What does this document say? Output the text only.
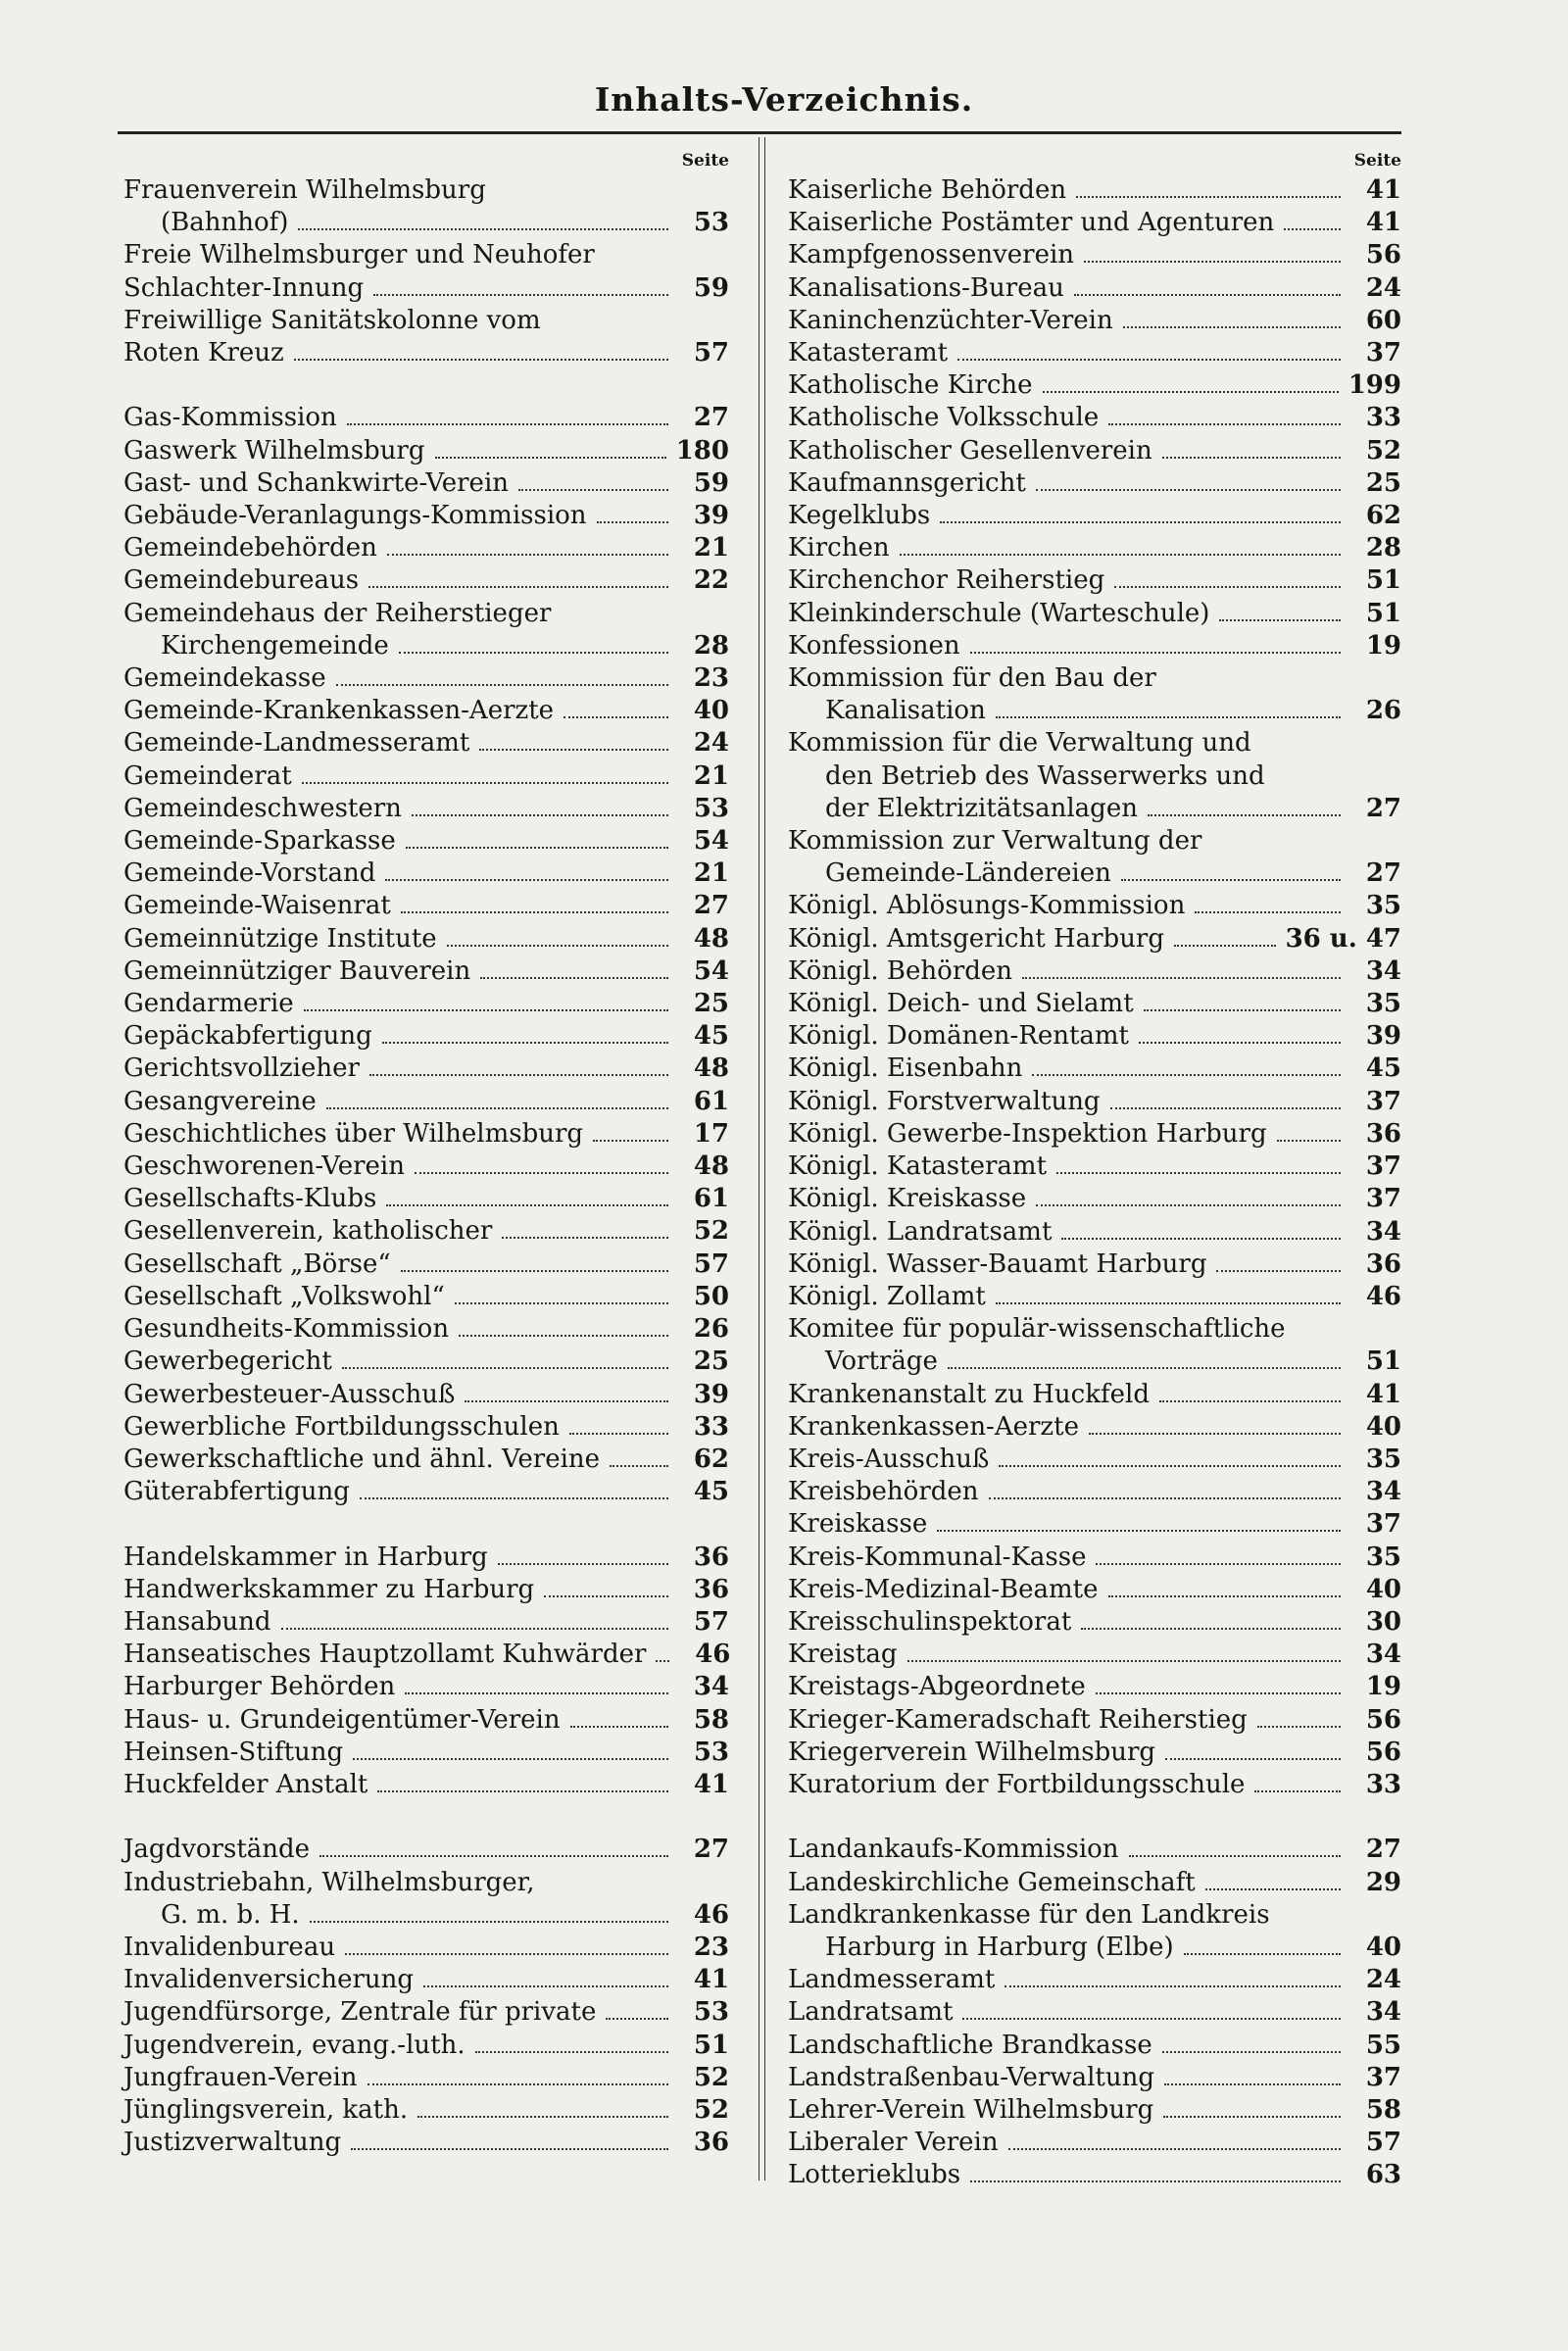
Inhalts-Verzeichnis.
Seite
Frauenverein Wilhelmsburg
(Bahnhof)	53
Freie Wilhelmsburger und Neuhofer
Schlachter-Innung	59
Freiwillige Sanitätskolonne vom
Roten Kreuz	57
Gas-Kommission	27
Gaswerk Wilhelmsburg	180
Gast- und Schankwirte-Verein	59
Gebäude-Veranlagungs-Kommission	39
Gemeindebehörden	21
Gemeindebureaus	22
Gemeindehaus der Reiherstieger
Kirchengemeinde	28
Gemeindekasse	23
Gemeinde-Krankenkassen-Aerzte	40
Gemeinde-Landmesseramt	24
Gemeinderat	21
Gemeindeschwestern	53
Gemeinde-Sparkasse	54
Gemeinde-Vorstand	21
Gemeinde-Waisenrat	27
Gemeinnützige Institute	48
Gemeinnütziger Bauverein	54
Gendarmerie	25
Gepäckabfertigung	45
Gerichtsvollzieher	48
Gesangvereine	61
Geschichtliches über Wilhelmsburg	17
Geschworenen-Verein	48
Gesellschafts-Klubs	61
Gesellenverein, katholischer	52
Gesellschaft „Börse“	57
Gesellschaft „Volkswohl“	50
Gesundheits-Kommission	26
Gewerbegericht	25
Gewerbesteuer-Ausschuß	39
Gewerbliche Fortbildungsschulen	33
Gewerkschaftliche und ähnl. Vereine	62
Güterabfertigung	45
Handelskammer in Harburg	36
Handwerkskammer zu Harburg	36
Hansabund	57
Hanseatisches Hauptzollamt Kuhwärder	46
Harburger Behörden	34
Haus- u. Grundeigentümer-Verein	58
Heinsen-Stiftung	53
Huckfelder Anstalt	41
Jagdvorstände	27
Industriebahn, Wilhelmsburger,
G. m. b. H.	46
Invalidenbureau	23
Invalidenversicherung	41
Jugendfürsorge, Zentrale für private	53
Jugendverein, evang.-luth.	51
Jungfrauen-Verein	52
Jünglingsverein, kath.	52
Justizverwaltung	36
Seite
Kaiserliche Behörden	41
Kaiserliche Postämter und Agenturen	41
Kampfgenossenverein	56
Kanalisations-Bureau	24
Kaninchenzüchter-Verein	60
Katasteramt	37
Katholische Kirche	199
Katholische Volksschule	33
Katholischer Gesellenverein	52
Kaufmannsgericht	25
Kegelklubs	62
Kirchen	28
Kirchenchor Reiherstieg	51
Kleinkinderschule (Warteschule)	51
Konfessionen	19
Kommission für den Bau der
Kanalisation	26
Kommission für die Verwaltung und
den Betrieb des Wasserwerks und
der Elektrizitätsanlagen	27
Kommission zur Verwaltung der
Gemeinde-Ländereien	27
Königl. Ablösungs-Kommission	35
Königl. Amtsgericht Harburg	36 u. 47
Königl. Behörden	34
Königl. Deich- und Sielamt	35
Königl. Domänen-Rentamt	39
Königl. Eisenbahn	45
Königl. Forstverwaltung	37
Königl. Gewerbe-Inspektion Harburg	36
Königl. Katasteramt	37
Königl. Kreiskasse	37
Königl. Landratsamt	34
Königl. Wasser-Bauamt Harburg	36
Königl. Zollamt	46
Komitee für populär-wissenschaftliche
Vorträge	51
Krankenanstalt zu Huckfeld	41
Krankenkassen-Aerzte	40
Kreis-Ausschuß	35
Kreisbehörden	34
Kreiskasse	37
Kreis-Kommunal-Kasse	35
Kreis-Medizinal-Beamte	40
Kreisschulinspektorat	30
Kreistag	34
Kreistags-Abgeordnete	19
Krieger-Kameradschaft Reiherstieg	56
Kriegerverein Wilhelmsburg	56
Kuratorium der Fortbildungsschule	33
Landankaufs-Kommission	27
Landeskirchliche Gemeinschaft	29
Landkrankenkasse für den Landkreis
Harburg in Harburg (Elbe)	40
Landmesseramt	24
Landratsamt	34
Landschaftliche Brandkasse	55
Landstraßenbau-Verwaltung	37
Lehrer-Verein Wilhelmsburg	58
Liberaler Verein	57
Lotterieklubs	63
